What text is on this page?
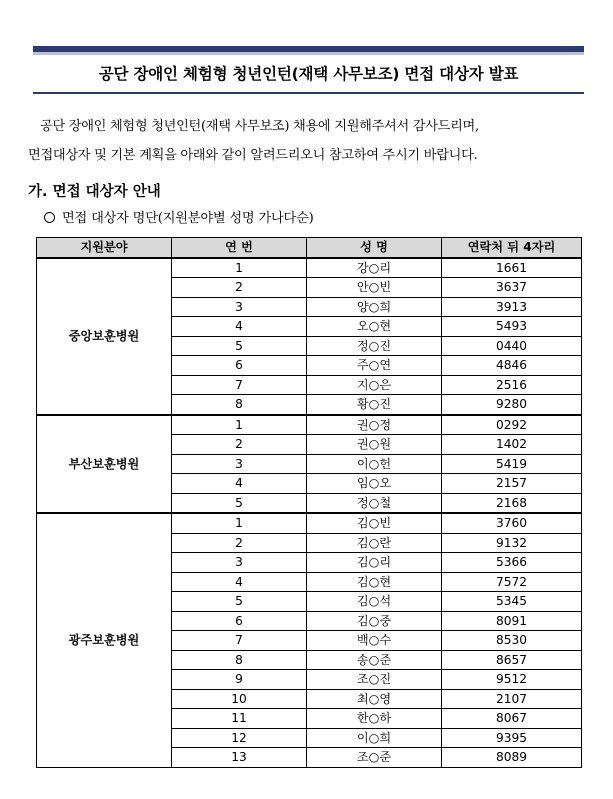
공단 장애인 체험형 청년인턴(재택 사무보조) 면접 대상자 발표
공단 장애인 체험형 청년인턴(재택 사무보조) 채용에 지원해주셔서 감사드리며,
면접대상자 및 기본 계획을 아래와 같이 알려드리오니 참고하여 주시기 바랍니다.
가. 면접 대상자 안내
면접 대상자 명단(지원분야별 성명 가나다순)
지원분야	연 번	성 명	연락처 뒤 4자리
중앙보훈병원	1	강○리	1661
	2	안○빈	3637
	3	양○희	3913
	4	오○현	5493
	5	정○진	0440
	6	주○연	4846
	7	지○은	2516
	8	황○진	9280
부산보훈병원	1	권○정	0292
	2	권○원	1402
	3	이○헌	5419
	4	임○오	2157
	5	정○철	2168
광주보훈병원	1	김○빈	3760
	2	김○란	9132
	3	김○리	5366
	4	김○현	7572
	5	김○석	5345
	6	김○중	8091
	7	백○수	8530
	8	송○준	8657
	9	조○진	9512
	10	최○영	2107
	11	한○하	8067
	12	이○희	9395
	13	조○준	8089
